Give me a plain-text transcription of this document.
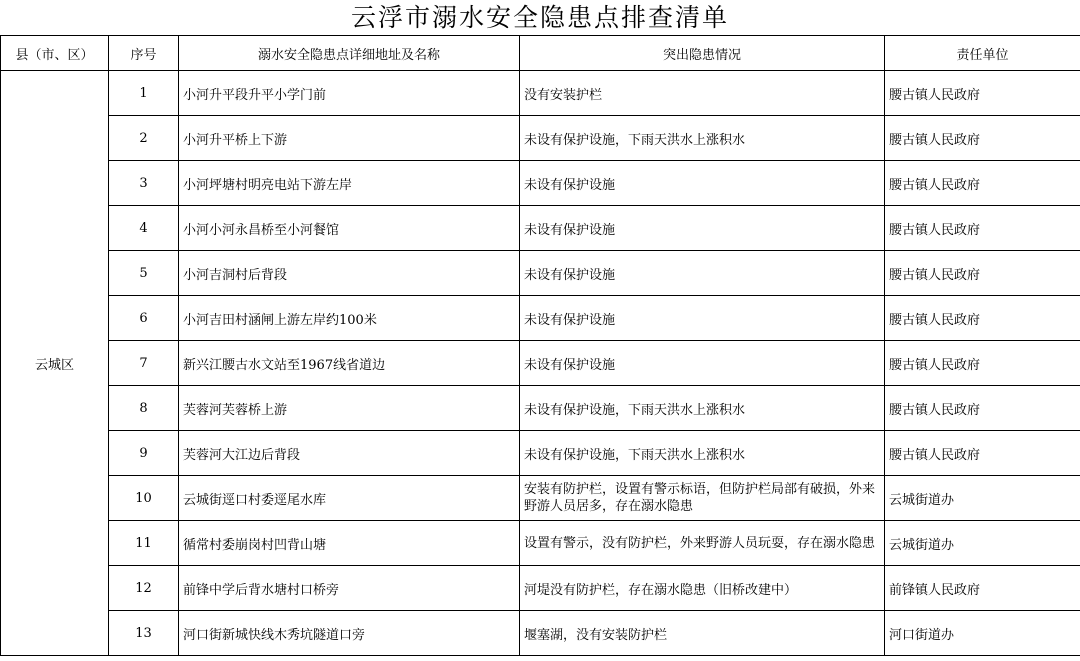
云浮市溺水安全隐患点排查清单
县（市、区）	序号	溺水安全隐患点详细地址及名称	突出隐患情况	责任单位
云城区	1	小河升平段升平小学门前	没有安装护栏	腰古镇人民政府
	2	小河升平桥上下游	未设有保护设施，下雨天洪水上涨积水	腰古镇人民政府
	3	小河坪塘村明亮电站下游左岸	未设有保护设施	腰古镇人民政府
	4	小河小河永昌桥至小河餐馆	未设有保护设施	腰古镇人民政府
	5	小河吉洞村后背段	未设有保护设施	腰古镇人民政府
	6	小河吉田村涵闸上游左岸约100米	未设有保护设施	腰古镇人民政府
	7	新兴江腰古水文站至1967线省道边	未设有保护设施	腰古镇人民政府
	8	芙蓉河芙蓉桥上游	未设有保护设施，下雨天洪水上涨积水	腰古镇人民政府
	9	芙蓉河大江边后背段	未设有保护设施，下雨天洪水上涨积水	腰古镇人民政府
	10	云城街逕口村委逕尾水库	安装有防护栏，设置有警示标语，但防护栏局部有破损，外来野游人员居多，存在溺水隐患	云城街道办
	11	循常村委崩岗村凹背山塘	设置有警示，没有防护栏，外来野游人员玩耍，存在溺水隐患	云城街道办
	12	前锋中学后背水塘村口桥旁	河堤没有防护栏，存在溺水隐患（旧桥改建中）	前锋镇人民政府
	13	河口街新城快线木秀坑隧道口旁	堰塞湖，没有安装防护栏	河口街道办
